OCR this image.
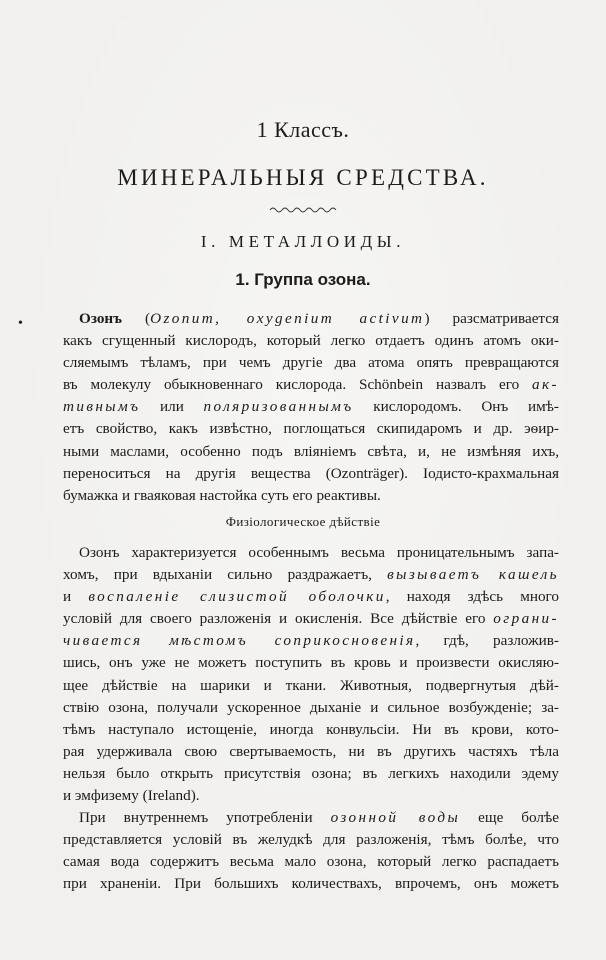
•
1 Классъ.
МИНЕРАЛЬНЫЯ СРЕДСТВА.
I. МЕТАЛЛОИДЫ.
1. Группа озона.
Озонъ (Ozonum, oxygenium activum) разсматривается
какъ сгущенный кислородъ, который легко отдаетъ одинъ атомъ оки-
сляемымъ тѣламъ, при чемъ другіе два атома опять превращаются
въ молекулу обыкновеннаго кислорода. Schönbein назвалъ его ак-
тивнымъ или поляризованнымъ кислородомъ. Онъ имѣ-
етъ свойство, какъ извѣстно, поглощаться скипидаромъ и др. эѳир-
ными маслами, особенно подъ вліяніемъ свѣта, и, не измѣняя ихъ,
переноситься на другія вещества (Ozonträger). Іодисто-крахмальная
бумажка и гваяковая настойка суть его реактивы.
Физіологическое дѣйствіе
Озонъ характеризуется особеннымъ весьма проницательнымъ запа-
хомъ, при вдыханіи сильно раздражаетъ, вызываетъ кашель
и воспаленіе слизистой оболочки, находя здѣсь много
условій для своего разложенія и окисленія. Все дѣйствіе его ограни-
чивается мѣстомъ соприкосновенія, гдѣ, разложив-
шись, онъ уже не можетъ поступить въ кровь и произвести окисляю-
щее дѣйствіе на шарики и ткани. Животныя, подвергнутыя дѣй-
ствію озона, получали ускоренное дыханіе и сильное возбужденіе; за-
тѣмъ наступало истощеніе, иногда конвульсіи. Ни въ крови, кото-
рая удерживала свою свертываемость, ни въ другихъ частяхъ тѣла
нельзя было открыть присутствія озона; въ легкихъ находили эдему
и эмфизему (Ireland).
При внутреннемъ употребленіи озонной воды еще болѣе
представляется условій въ желудкѣ для разложенія, тѣмъ болѣе, что
самая вода содержитъ весьма мало озона, который легко распадаетъ
при храненіи. При большихъ количествахъ, впрочемъ, онъ можетъ
